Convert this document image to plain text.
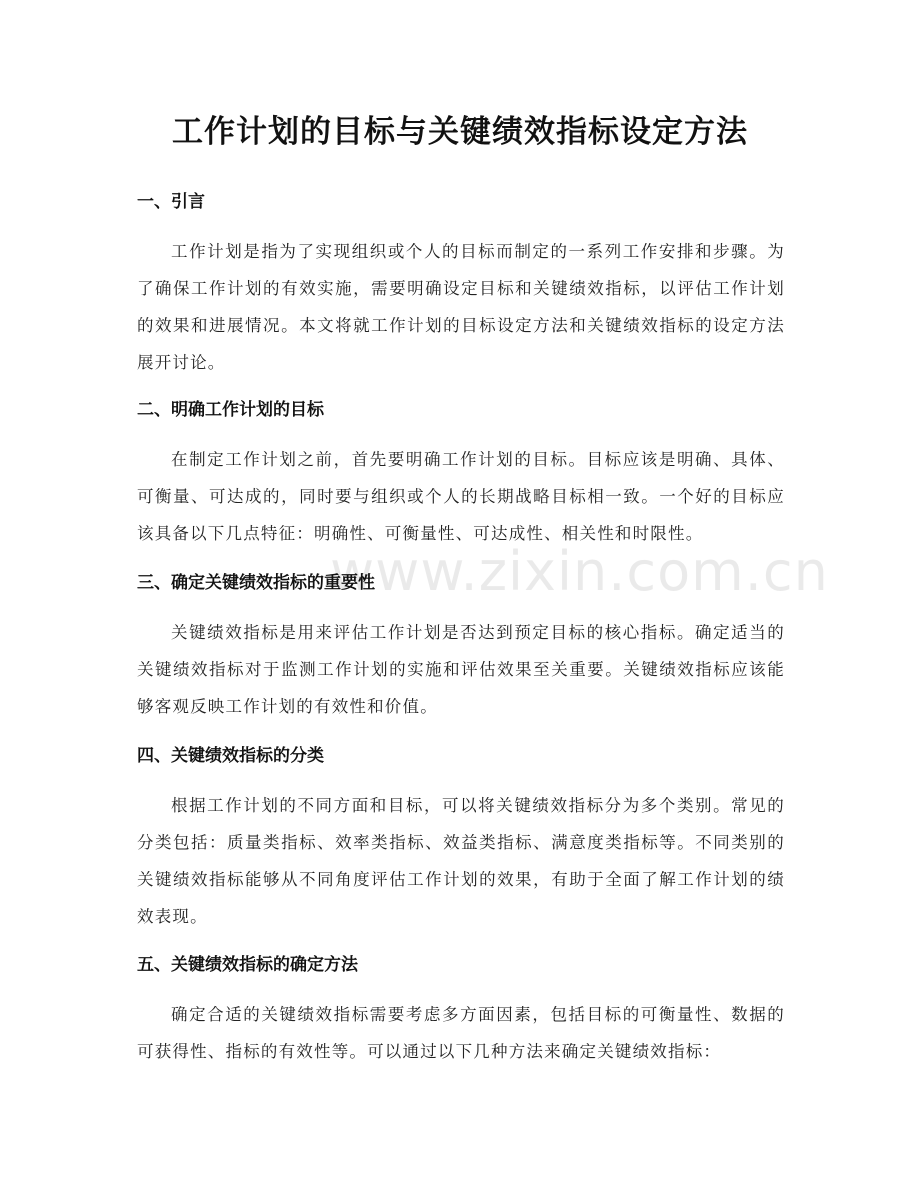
www.zixin.com.cn
工作计划的目标与关键绩效指标设定方法
一、引言

工作计划是指为了实现组织或个人的目标而制定的一系列工作安排和步骤。为了确保工作计划的有效实施，需要明确设定目标和关键绩效指标，以评估工作计划的效果和进展情况。本文将就工作计划的目标设定方法和关键绩效指标的设定方法展开讨论。

二、明确工作计划的目标

在制定工作计划之前，首先要明确工作计划的目标。目标应该是明确、具体、可衡量、可达成的，同时要与组织或个人的长期战略目标相一致。一个好的目标应该具备以下几点特征：明确性、可衡量性、可达成性、相关性和时限性。

三、确定关键绩效指标的重要性

关键绩效指标是用来评估工作计划是否达到预定目标的核心指标。确定适当的关键绩效指标对于监测工作计划的实施和评估效果至关重要。关键绩效指标应该能够客观反映工作计划的有效性和价值。

四、关键绩效指标的分类

根据工作计划的不同方面和目标，可以将关键绩效指标分为多个类别。常见的分类包括：质量类指标、效率类指标、效益类指标、满意度类指标等。不同类别的关键绩效指标能够从不同角度评估工作计划的效果，有助于全面了解工作计划的绩效表现。

五、关键绩效指标的确定方法

确定合适的关键绩效指标需要考虑多方面因素，包括目标的可衡量性、数据的可获得性、指标的有效性等。可以通过以下几种方法来确定关键绩效指标：
